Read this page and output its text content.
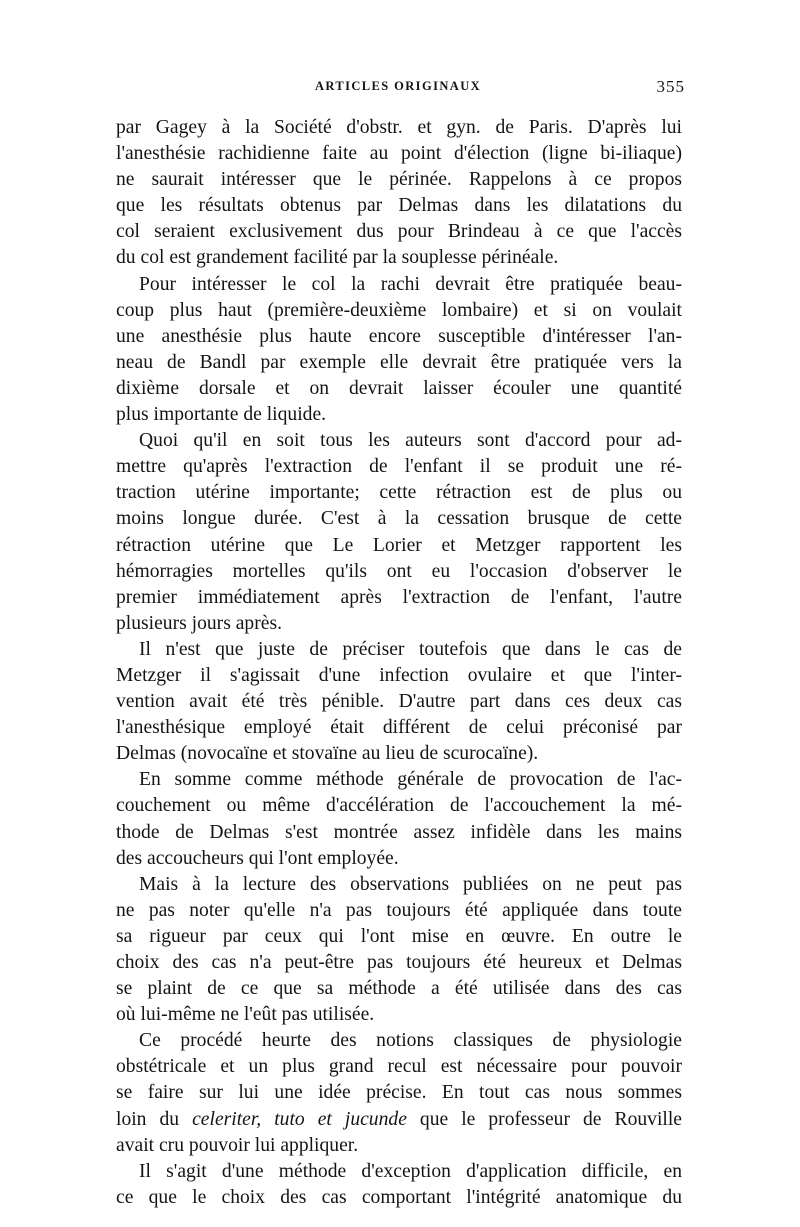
ARTICLES ORIGINAUX	355

par Gagey à la Société d'obstr. et gyn. de Paris. D'après lui
l'anesthésie rachidienne faite au point d'élection (ligne bi-iliaque)
ne saurait intéresser que le périnée. Rappelons à ce propos
que les résultats obtenus par Delmas dans les dilatations du
col seraient exclusivement dus pour Brindeau à ce que l'accès
du col est grandement facilité par la souplesse périnéale.

Pour intéresser le col la rachi devrait être pratiquée beau-
coup plus haut (première-deuxième lombaire) et si on voulait
une anesthésie plus haute encore susceptible d'intéresser l'an-
neau de Bandl par exemple elle devrait être pratiquée vers la
dixième dorsale et on devrait laisser écouler une quantité
plus importante de liquide.

Quoi qu'il en soit tous les auteurs sont d'accord pour ad-
mettre qu'après l'extraction de l'enfant il se produit une ré-
traction utérine importante; cette rétraction est de plus ou
moins longue durée. C'est à la cessation brusque de cette
rétraction utérine que Le Lorier et Metzger rapportent les
hémorragies mortelles qu'ils ont eu l'occasion d'observer le
premier immédiatement après l'extraction de l'enfant, l'autre
plusieurs jours après.

Il n'est que juste de préciser toutefois que dans le cas de
Metzger il s'agissait d'une infection ovulaire et que l'inter-
vention avait été très pénible. D'autre part dans ces deux cas
l'anesthésique employé était différent de celui préconisé par
Delmas (novocaïne et stovaïne au lieu de scurocaïne).

En somme comme méthode générale de provocation de l'ac-
couchement ou même d'accélération de l'accouchement la mé-
thode de Delmas s'est montrée assez infidèle dans les mains
des accoucheurs qui l'ont employée.

Mais à la lecture des observations publiées on ne peut pas
ne pas noter qu'elle n'a pas toujours été appliquée dans toute
sa rigueur par ceux qui l'ont mise en œuvre. En outre le
choix des cas n'a peut-être pas toujours été heureux et Delmas
se plaint de ce que sa méthode a été utilisée dans des cas
où lui-même ne l'eût pas utilisée.

Ce procédé heurte des notions classiques de physiologie
obstétricale et un plus grand recul est nécessaire pour pouvoir
se faire sur lui une idée précise. En tout cas nous sommes
loin du celeriter, tuto et jucunde que le professeur de Rouville
avait cru pouvoir lui appliquer.

Il s'agit d'une méthode d'exception d'application difficile, en
ce que le choix des cas comportant l'intégrité anatomique du
